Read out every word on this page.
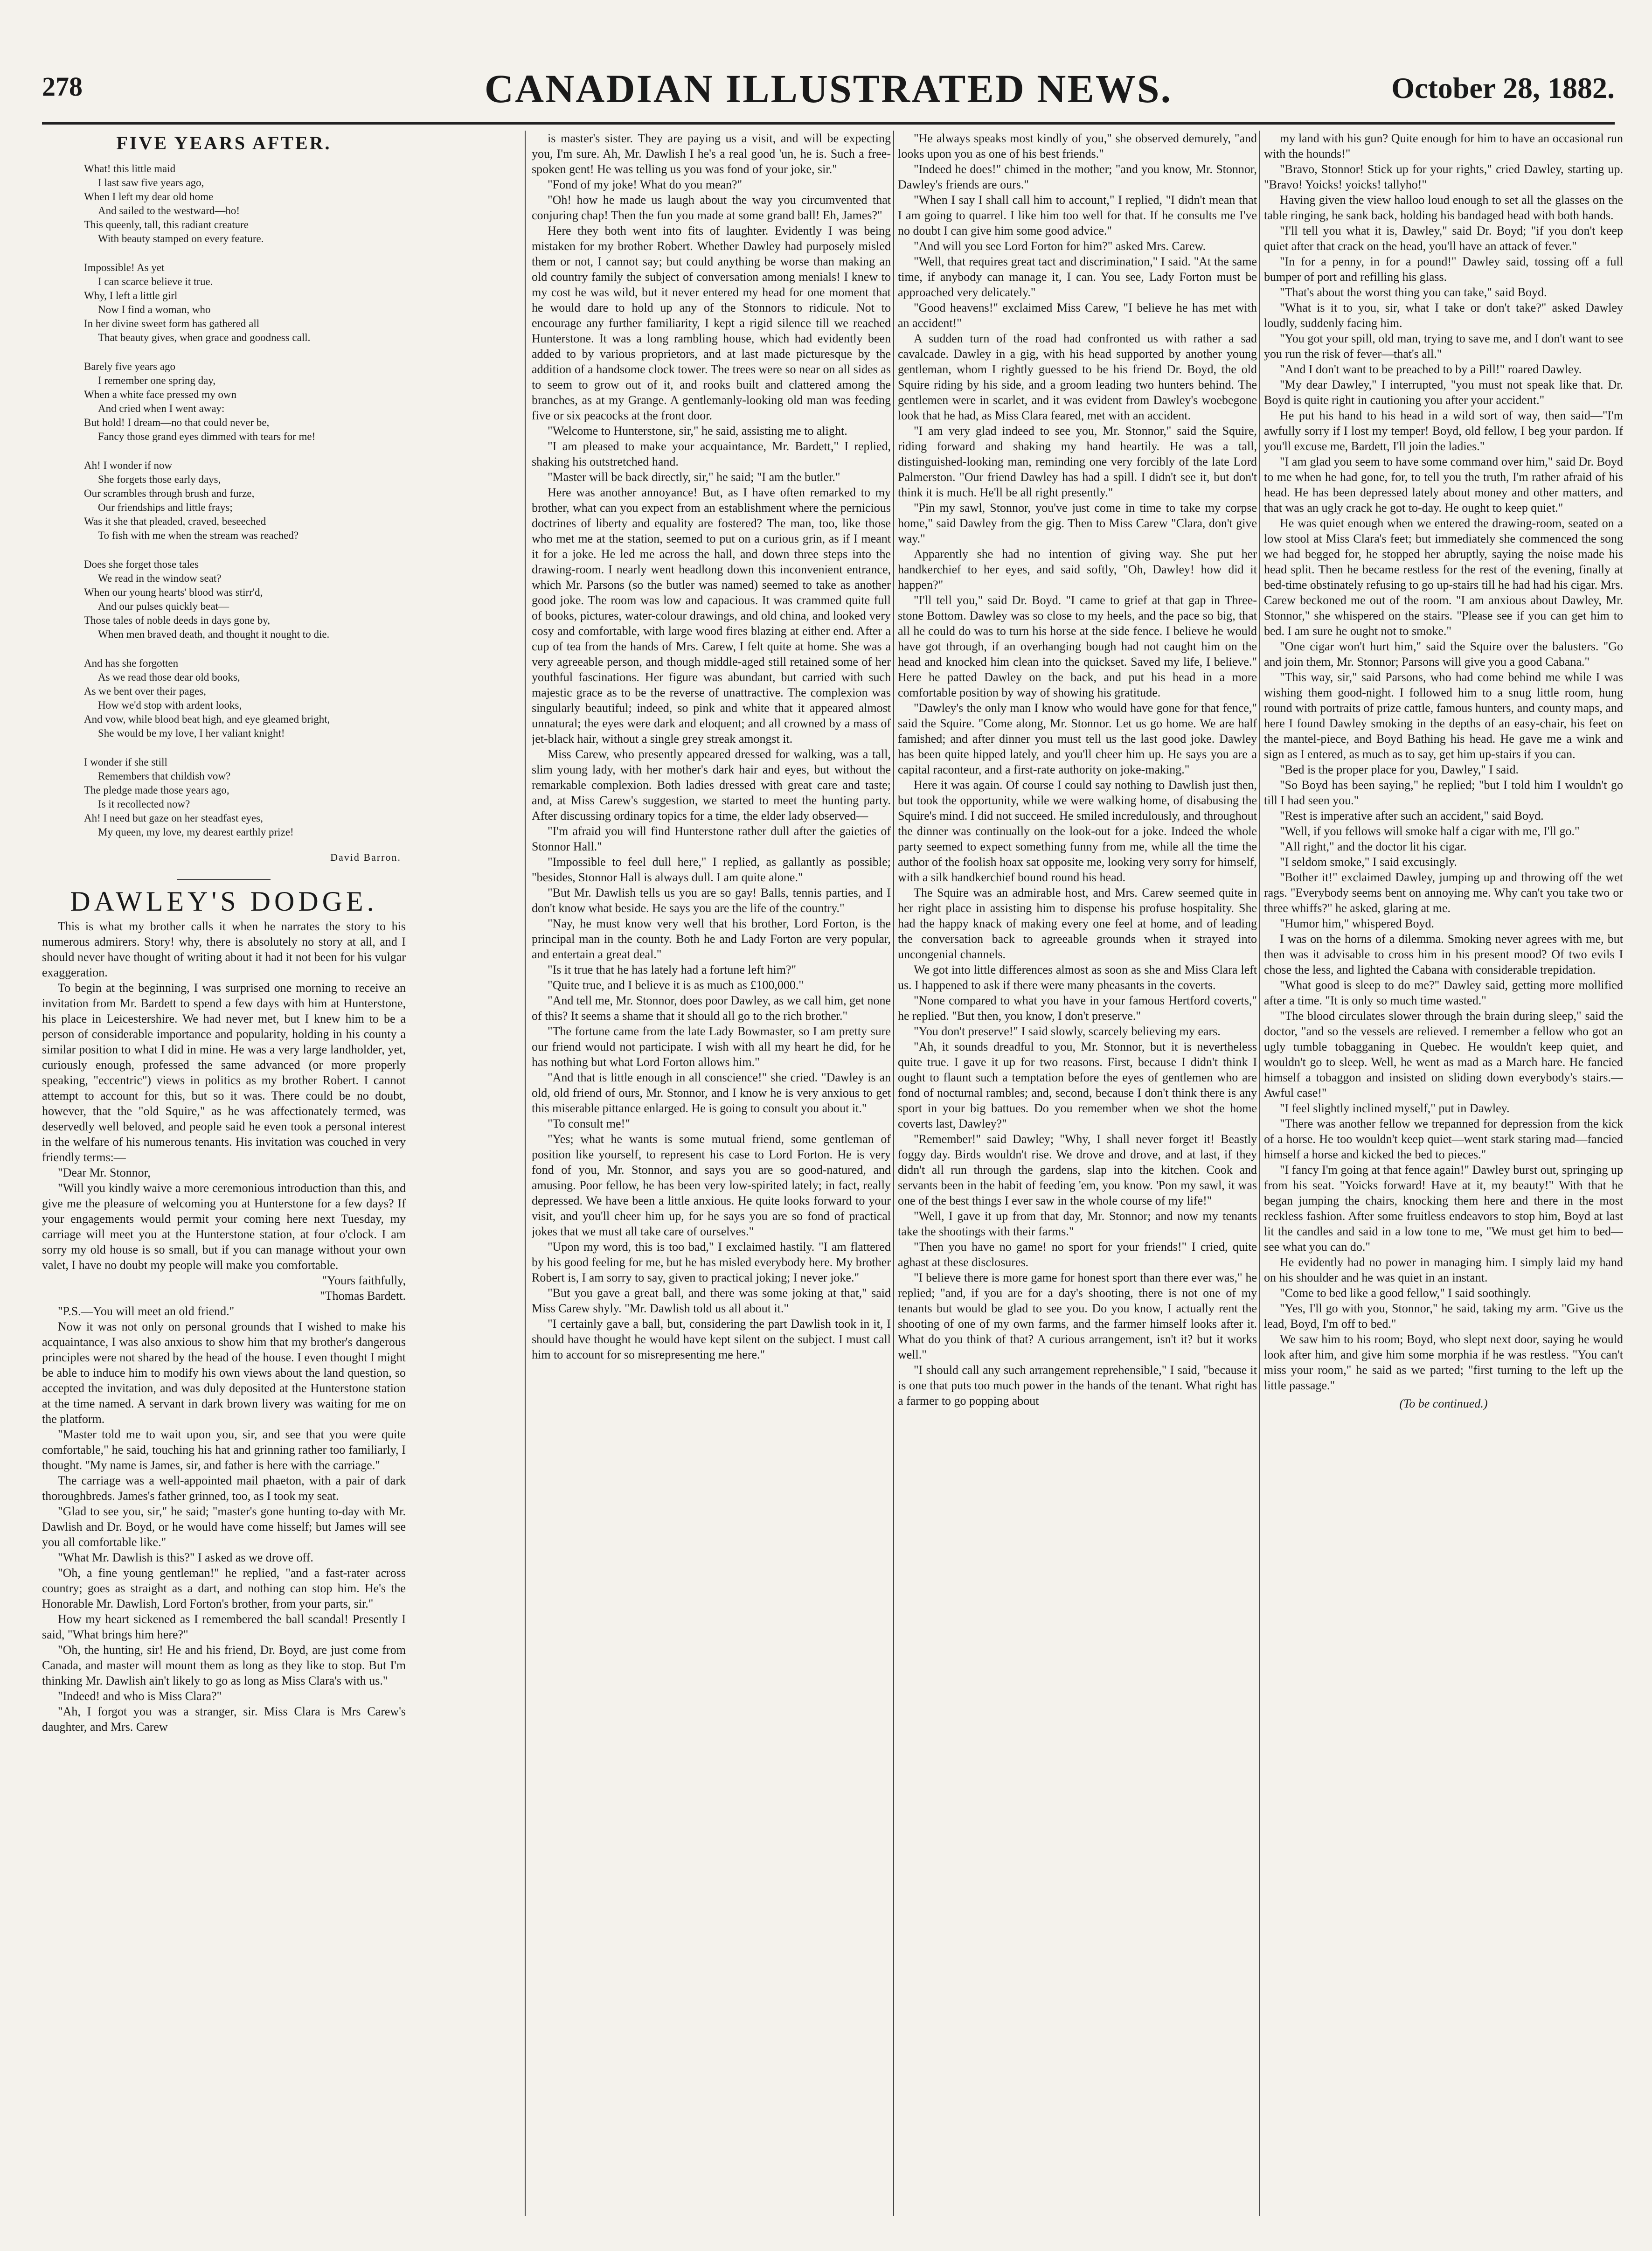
278	CANADIAN ILLUSTRATED NEWS.	October 28, 1882.
FIVE YEARS AFTER.

What! this little maid

I last saw five years ago,

When I left my dear old home

And sailed to the westward—ho!

This queenly, tall, this radiant creature

With beauty stamped on every feature.

Impossible! As yet

I can scarce believe it true.

Why, I left a little girl

Now I find a woman, who

In her divine sweet form has gathered all

That beauty gives, when grace and goodness call.

Barely five years ago

I remember one spring day,

When a white face pressed my own

And cried when I went away:

But hold! I dream—no that could never be,

Fancy those grand eyes dimmed with tears for me!

Ah! I wonder if now

She forgets those early days,

Our scrambles through brush and furze,

Our friendships and little frays;

Was it she that pleaded, craved, beseeched

To fish with me when the stream was reached?

Does she forget those tales

We read in the window seat?

When our young hearts' blood was stirr'd,

And our pulses quickly beat—

Those tales of noble deeds in days gone by,

When men braved death, and thought it nought to die.

And has she forgotten

As we read those dear old books,

As we bent over their pages,

How we'd stop with ardent looks,

And vow, while blood beat high, and eye gleamed bright,

She would be my love, I her valiant knight!

I wonder if she still

Remembers that childish vow?

The pledge made those years ago,

Is it recollected now?

Ah! I need but gaze on her steadfast eyes,

My queen, my love, my dearest earthly prize!

David Barron.
DAWLEY'S DODGE.

This is what my brother calls it when he narrates the story to his numerous admirers. Story! why, there is absolutely no story at all, and I should never have thought of writing about it had it not been for his vulgar exaggeration.

To begin at the beginning, I was surprised one morning to receive an invitation from Mr. Bardett to spend a few days with him at Hunterstone, his place in Leicestershire. We had never met, but I knew him to be a person of considerable importance and popularity, holding in his county a similar position to what I did in mine. He was a very large landholder, yet, curiously enough, professed the same advanced (or more properly speaking, "eccentric") views in politics as my brother Robert. I cannot attempt to account for this, but so it was. There could be no doubt, however, that the "old Squire," as he was affectionately termed, was deservedly well beloved, and people said he even took a personal interest in the welfare of his numerous tenants. His invitation was couched in very friendly terms:—

"Dear Mr. Stonnor,

"Will you kindly waive a more ceremonious introduction than this, and give me the pleasure of welcoming you at Hunterstone for a few days? If your engagements would permit your coming here next Tuesday, my carriage will meet you at the Hunterstone station, at four o'clock. I am sorry my old house is so small, but if you can manage without your own valet, I have no doubt my people will make you comfortable.

"Yours faithfully,

"Thomas Bardett.

"P.S.—You will meet an old friend."

Now it was not only on personal grounds that I wished to make his acquaintance, I was also anxious to show him that my brother's dangerous principles were not shared by the head of the house. I even thought I might be able to induce him to modify his own views about the land question, so accepted the invitation, and was duly deposited at the Hunterstone station at the time named. A servant in dark brown livery was waiting for me on the platform.

"Master told me to wait upon you, sir, and see that you were quite comfortable," he said, touching his hat and grinning rather too familiarly, I thought. "My name is James, sir, and father is here with the carriage."

The carriage was a well-appointed mail phaeton, with a pair of dark thoroughbreds. James's father grinned, too, as I took my seat.

"Glad to see you, sir," he said; "master's gone hunting to-day with Mr. Dawlish and Dr. Boyd, or he would have come hisself; but James will see you all comfortable like."

"What Mr. Dawlish is this?" I asked as we drove off.

"Oh, a fine young gentleman!" he replied, "and a fast-rater across country; goes as straight as a dart, and nothing can stop him. He's the Honorable Mr. Dawlish, Lord Forton's brother, from your parts, sir."

How my heart sickened as I remembered the ball scandal! Presently I said, "What brings him here?"

"Oh, the hunting, sir! He and his friend, Dr. Boyd, are just come from Canada, and master will mount them as long as they like to stop. But I'm thinking Mr. Dawlish ain't likely to go as long as Miss Clara's with us."

"Indeed! and who is Miss Clara?"

"Ah, I forgot you was a stranger, sir. Miss Clara is Mrs Carew's daughter, and Mrs. Carew

is master's sister. They are paying us a visit, and will be expecting you, I'm sure. Ah, Mr. Dawlish I he's a real good 'un, he is. Such a free-spoken gent! He was telling us you was fond of your joke, sir."

"Fond of my joke! What do you mean?"

"Oh! how he made us laugh about the way you circumvented that conjuring chap! Then the fun you made at some grand ball! Eh, James?"

Here they both went into fits of laughter. Evidently I was being mistaken for my brother Robert. Whether Dawley had purposely misled them or not, I cannot say; but could anything be worse than making an old country family the subject of conversation among menials! I knew to my cost he was wild, but it never entered my head for one moment that he would dare to hold up any of the Stonnors to ridicule. Not to encourage any further familiarity, I kept a rigid silence till we reached Hunterstone. It was a long rambling house, which had evidently been added to by various proprietors, and at last made picturesque by the addition of a handsome clock tower. The trees were so near on all sides as to seem to grow out of it, and rooks built and clattered among the branches, as at my Grange. A gentlemanly-looking old man was feeding five or six peacocks at the front door.

"Welcome to Hunterstone, sir," he said, assisting me to alight.

"I am pleased to make your acquaintance, Mr. Bardett," I replied, shaking his outstretched hand.

"Master will be back directly, sir," he said; "I am the butler."

Here was another annoyance! But, as I have often remarked to my brother, what can you expect from an establishment where the pernicious doctrines of liberty and equality are fostered? The man, too, like those who met me at the station, seemed to put on a curious grin, as if I meant it for a joke. He led me across the hall, and down three steps into the drawing-room. I nearly went headlong down this inconvenient entrance, which Mr. Parsons (so the butler was named) seemed to take as another good joke. The room was low and capacious. It was crammed quite full of books, pictures, water-colour drawings, and old china, and looked very cosy and comfortable, with large wood fires blazing at either end. After a cup of tea from the hands of Mrs. Carew, I felt quite at home. She was a very agreeable person, and though middle-aged still retained some of her youthful fascinations. Her figure was abundant, but carried with such majestic grace as to be the reverse of unattractive. The complexion was singularly beautiful; indeed, so pink and white that it appeared almost unnatural; the eyes were dark and eloquent; and all crowned by a mass of jet-black hair, without a single grey streak amongst it.

Miss Carew, who presently appeared dressed for walking, was a tall, slim young lady, with her mother's dark hair and eyes, but without the remarkable complexion. Both ladies dressed with great care and taste; and, at Miss Carew's suggestion, we started to meet the hunting party. After discussing ordinary topics for a time, the elder lady observed—

"I'm afraid you will find Hunterstone rather dull after the gaieties of Stonnor Hall."

"Impossible to feel dull here," I replied, as gallantly as possible; "besides, Stonnor Hall is always dull. I am quite alone."

"But Mr. Dawlish tells us you are so gay! Balls, tennis parties, and I don't know what beside. He says you are the life of the country."

"Nay, he must know very well that his brother, Lord Forton, is the principal man in the county. Both he and Lady Forton are very popular, and entertain a great deal."

"Is it true that he has lately had a fortune left him?"

"Quite true, and I believe it is as much as £100,000."

"And tell me, Mr. Stonnor, does poor Dawley, as we call him, get none of this? It seems a shame that it should all go to the rich brother."

"The fortune came from the late Lady Bowmaster, so I am pretty sure our friend would not participate. I wish with all my heart he did, for he has nothing but what Lord Forton allows him."

"And that is little enough in all conscience!" she cried. "Dawley is an old, old friend of ours, Mr. Stonnor, and I know he is very anxious to get this miserable pittance enlarged. He is going to consult you about it."

"To consult me!"

"Yes; what he wants is some mutual friend, some gentleman of position like yourself, to represent his case to Lord Forton. He is very fond of you, Mr. Stonnor, and says you are so good-natured, and amusing. Poor fellow, he has been very low-spirited lately; in fact, really depressed. We have been a little anxious. He quite looks forward to your visit, and you'll cheer him up, for he says you are so fond of practical jokes that we must all take care of ourselves."

"Upon my word, this is too bad," I exclaimed hastily. "I am flattered by his good feeling for me, but he has misled everybody here. My brother Robert is, I am sorry to say, given to practical joking; I never joke."

"But you gave a great ball, and there was some joking at that," said Miss Carew shyly. "Mr. Dawlish told us all about it."

"I certainly gave a ball, but, considering the part Dawlish took in it, I should have thought he would have kept silent on the subject. I must call him to account for so misrepresenting me here."

"He always speaks most kindly of you," she observed demurely, "and looks upon you as one of his best friends."

"Indeed he does!" chimed in the mother; "and you know, Mr. Stonnor, Dawley's friends are ours."

"When I say I shall call him to account," I replied, "I didn't mean that I am going to quarrel. I like him too well for that. If he consults me I've no doubt I can give him some good advice."

"And will you see Lord Forton for him?" asked Mrs. Carew.

"Well, that requires great tact and discrimination," I said. "At the same time, if anybody can manage it, I can. You see, Lady Forton must be approached very delicately."

"Good heavens!" exclaimed Miss Carew, "I believe he has met with an accident!"

A sudden turn of the road had confronted us with rather a sad cavalcade. Dawley in a gig, with his head supported by another young gentleman, whom I rightly guessed to be his friend Dr. Boyd, the old Squire riding by his side, and a groom leading two hunters behind. The gentlemen were in scarlet, and it was evident from Dawley's woebegone look that he had, as Miss Clara feared, met with an accident.

"I am very glad indeed to see you, Mr. Stonnor," said the Squire, riding forward and shaking my hand heartily. He was a tall, distinguished-looking man, reminding one very forcibly of the late Lord Palmerston. "Our friend Dawley has had a spill. I didn't see it, but don't think it is much. He'll be all right presently."

"Pin my sawl, Stonnor, you've just come in time to take my corpse home," said Dawley from the gig. Then to Miss Carew "Clara, don't give way."

Apparently she had no intention of giving way. She put her handkerchief to her eyes, and said softly, "Oh, Dawley! how did it happen?"

"I'll tell you," said Dr. Boyd. "I came to grief at that gap in Three-stone Bottom. Dawley was so close to my heels, and the pace so big, that all he could do was to turn his horse at the side fence. I believe he would have got through, if an overhanging bough had not caught him on the head and knocked him clean into the quickset. Saved my life, I believe." Here he patted Dawley on the back, and put his head in a more comfortable position by way of showing his gratitude.

"Dawley's the only man I know who would have gone for that fence," said the Squire. "Come along, Mr. Stonnor. Let us go home. We are half famished; and after dinner you must tell us the last good joke. Dawley has been quite hipped lately, and you'll cheer him up. He says you are a capital raconteur, and a first-rate authority on joke-making."

Here it was again. Of course I could say nothing to Dawlish just then, but took the opportunity, while we were walking home, of disabusing the Squire's mind. I did not succeed. He smiled incredulously, and throughout the dinner was continually on the look-out for a joke. Indeed the whole party seemed to expect something funny from me, while all the time the author of the foolish hoax sat opposite me, looking very sorry for himself, with a silk handkerchief bound round his head.

The Squire was an admirable host, and Mrs. Carew seemed quite in her right place in assisting him to dispense his profuse hospitality. She had the happy knack of making every one feel at home, and of leading the conversation back to agreeable grounds when it strayed into uncongenial channels.

We got into little differences almost as soon as she and Miss Clara left us. I happened to ask if there were many pheasants in the coverts.

"None compared to what you have in your famous Hertford coverts," he replied. "But then, you know, I don't preserve."

"You don't preserve!" I said slowly, scarcely believing my ears.

"Ah, it sounds dreadful to you, Mr. Stonnor, but it is nevertheless quite true. I gave it up for two reasons. First, because I didn't think I ought to flaunt such a temptation before the eyes of gentlemen who are fond of nocturnal rambles; and, second, because I don't think there is any sport in your big battues. Do you remember when we shot the home coverts last, Dawley?"

"Remember!" said Dawley; "Why, I shall never forget it! Beastly foggy day. Birds wouldn't rise. We drove and drove, and at last, if they didn't all run through the gardens, slap into the kitchen. Cook and servants been in the habit of feeding 'em, you know. 'Pon my sawl, it was one of the best things I ever saw in the whole course of my life!"

"Well, I gave it up from that day, Mr. Stonnor; and now my tenants take the shootings with their farms."

"Then you have no game! no sport for your friends!" I cried, quite aghast at these disclosures.

"I believe there is more game for honest sport than there ever was," he replied; "and, if you are for a day's shooting, there is not one of my tenants but would be glad to see you. Do you know, I actually rent the shooting of one of my own farms, and the farmer himself looks after it. What do you think of that? A curious arrangement, isn't it? but it works well."

"I should call any such arrangement reprehensible," I said, "because it is one that puts too much power in the hands of the tenant. What right has a farmer to go popping about

my land with his gun? Quite enough for him to have an occasional run with the hounds!"

"Bravo, Stonnor! Stick up for your rights," cried Dawley, starting up. "Bravo! Yoicks! yoicks! tallyho!"

Having given the view halloo loud enough to set all the glasses on the table ringing, he sank back, holding his bandaged head with both hands.

"I'll tell you what it is, Dawley," said Dr. Boyd; "if you don't keep quiet after that crack on the head, you'll have an attack of fever."

"In for a penny, in for a pound!" Dawley said, tossing off a full bumper of port and refilling his glass.

"That's about the worst thing you can take," said Boyd.

"What is it to you, sir, what I take or don't take?" asked Dawley loudly, suddenly facing him.

"You got your spill, old man, trying to save me, and I don't want to see you run the risk of fever—that's all."

"And I don't want to be preached to by a Pill!" roared Dawley.

"My dear Dawley," I interrupted, "you must not speak like that. Dr. Boyd is quite right in cautioning you after your accident."

He put his hand to his head in a wild sort of way, then said—"I'm awfully sorry if I lost my temper! Boyd, old fellow, I beg your pardon. If you'll excuse me, Bardett, I'll join the ladies."

"I am glad you seem to have some command over him," said Dr. Boyd to me when he had gone, for, to tell you the truth, I'm rather afraid of his head. He has been depressed lately about money and other matters, and that was an ugly crack he got to-day. He ought to keep quiet."

He was quiet enough when we entered the drawing-room, seated on a low stool at Miss Clara's feet; but immediately she commenced the song we had begged for, he stopped her abruptly, saying the noise made his head split. Then he became restless for the rest of the evening, finally at bed-time obstinately refusing to go up-stairs till he had had his cigar. Mrs. Carew beckoned me out of the room. "I am anxious about Dawley, Mr. Stonnor," she whispered on the stairs. "Please see if you can get him to bed. I am sure he ought not to smoke."

"One cigar won't hurt him," said the Squire over the balusters. "Go and join them, Mr. Stonnor; Parsons will give you a good Cabana."

"This way, sir," said Parsons, who had come behind me while I was wishing them good-night. I followed him to a snug little room, hung round with portraits of prize cattle, famous hunters, and county maps, and here I found Dawley smoking in the depths of an easy-chair, his feet on the mantel-piece, and Boyd Bathing his head. He gave me a wink and sign as I entered, as much as to say, get him up-stairs if you can.

"Bed is the proper place for you, Dawley," I said.

"So Boyd has been saying," he replied; "but I told him I wouldn't go till I had seen you."

"Rest is imperative after such an accident," said Boyd.

"Well, if you fellows will smoke half a cigar with me, I'll go."

"All right," and the doctor lit his cigar.

"I seldom smoke," I said excusingly.

"Bother it!" exclaimed Dawley, jumping up and throwing off the wet rags. "Everybody seems bent on annoying me. Why can't you take two or three whiffs?" he asked, glaring at me.

"Humor him," whispered Boyd.

I was on the horns of a dilemma. Smoking never agrees with me, but then was it advisable to cross him in his present mood? Of two evils I chose the less, and lighted the Cabana with considerable trepidation.

"What good is sleep to do me?" Dawley said, getting more mollified after a time. "It is only so much time wasted."

"The blood circulates slower through the brain during sleep," said the doctor, "and so the vessels are relieved. I remember a fellow who got an ugly tumble tobagganing in Quebec. He wouldn't keep quiet, and wouldn't go to sleep. Well, he went as mad as a March hare. He fancied himself a tobaggon and insisted on sliding down everybody's stairs.—Awful case!"

"I feel slightly inclined myself," put in Dawley.

"There was another fellow we trepanned for depression from the kick of a horse. He too wouldn't keep quiet—went stark staring mad—fancied himself a horse and kicked the bed to pieces."

"I fancy I'm going at that fence again!" Dawley burst out, springing up from his seat. "Yoicks forward! Have at it, my beauty!" With that he began jumping the chairs, knocking them here and there in the most reckless fashion. After some fruitless endeavors to stop him, Boyd at last lit the candles and said in a low tone to me, "We must get him to bed—see what you can do."

He evidently had no power in managing him. I simply laid my hand on his shoulder and he was quiet in an instant.

"Come to bed like a good fellow," I said soothingly.

"Yes, I'll go with you, Stonnor," he said, taking my arm. "Give us the lead, Boyd, I'm off to bed."

We saw him to his room; Boyd, who slept next door, saying he would look after him, and give him some morphia if he was restless. "You can't miss your room," he said as we parted; "first turning to the left up the little passage."

(To be continued.)
